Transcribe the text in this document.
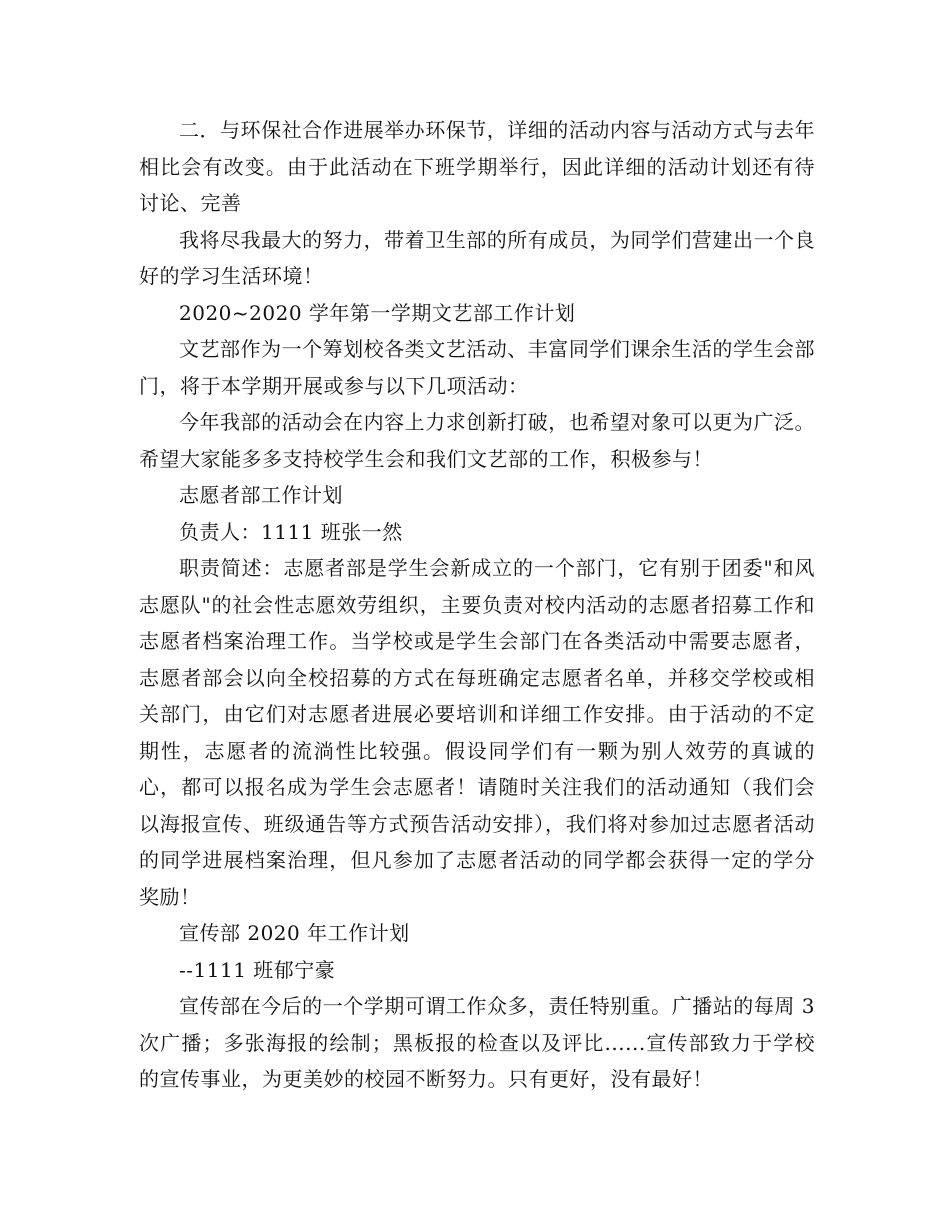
二．与环保社合作进展举办环保节，详细的活动内容与活动方式与去年相比会有改变。由于此活动在下班学期举行，因此详细的活动计划还有待讨论、完善

我将尽我最大的努力，带着卫生部的所有成员，为同学们营建出一个良好的学习生活环境！

2020~2020 学年第一学期文艺部工作计划

文艺部作为一个筹划校各类文艺活动、丰富同学们课余生活的学生会部门，将于本学期开展或参与以下几项活动：

今年我部的活动会在内容上力求创新打破，也希望对象可以更为广泛。希望大家能多多支持校学生会和我们文艺部的工作，积极参与！

志愿者部工作计划

负责人：1111 班张一然

职责简述：志愿者部是学生会新成立的一个部门，它有别于团委"和风志愿队"的社会性志愿效劳组织，主要负责对校内活动的志愿者招募工作和志愿者档案治理工作。当学校或是学生会部门在各类活动中需要志愿者，志愿者部会以向全校招募的方式在每班确定志愿者名单，并移交学校或相关部门，由它们对志愿者进展必要培训和详细工作安排。由于活动的不定期性，志愿者的流淌性比较强。假设同学们有一颗为别人效劳的真诚的心，都可以报名成为学生会志愿者！请随时关注我们的活动通知（我们会以海报宣传、班级通告等方式预告活动安排），我们将对参加过志愿者活动的同学进展档案治理，但凡参加了志愿者活动的同学都会获得一定的学分奖励！

宣传部 2020 年工作计划

--1111 班郁宁豪

宣传部在今后的一个学期可谓工作众多，责任特别重。广播站的每周 3 次广播；多张海报的绘制；黑板报的检查以及评比......宣传部致力于学校的宣传事业，为更美妙的校园不断努力。只有更好，没有最好！
